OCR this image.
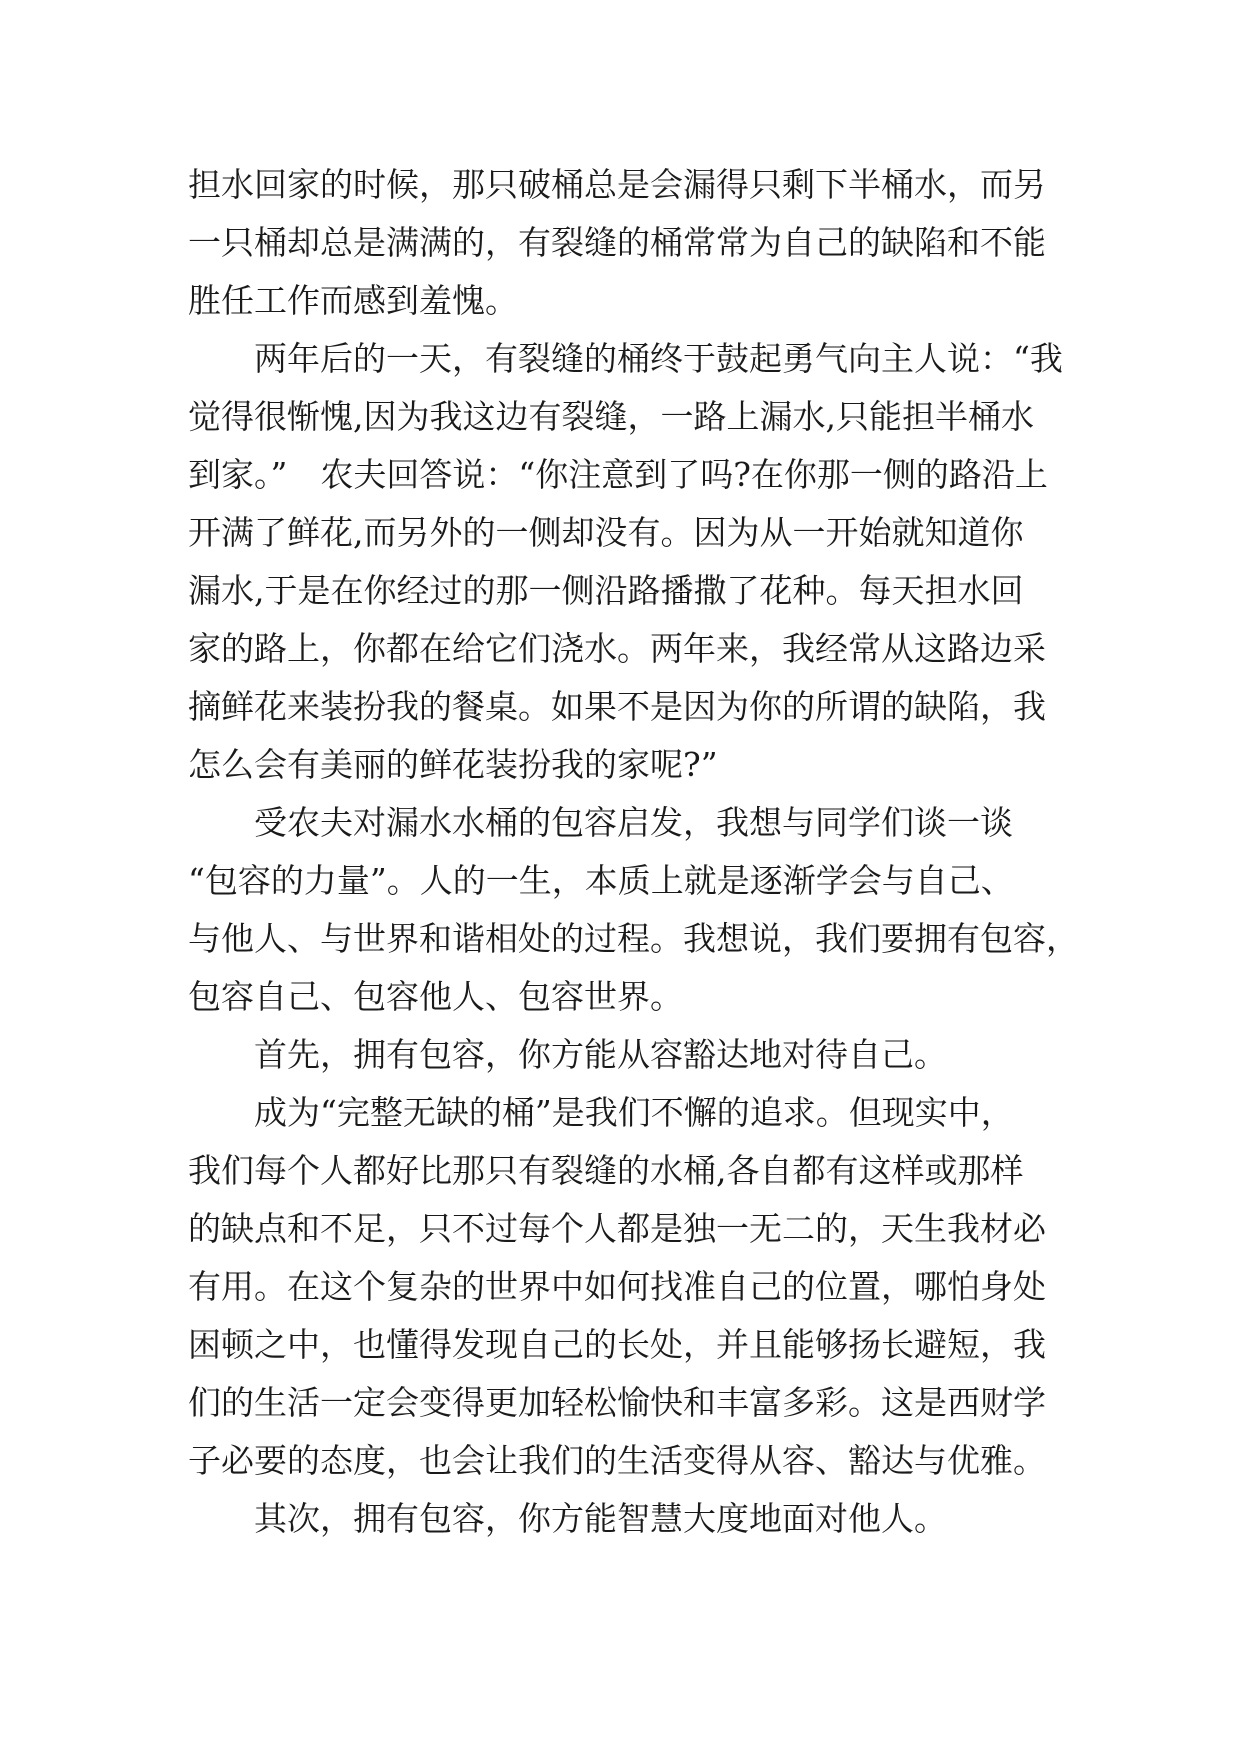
担水回家的时候，那只破桶总是会漏得只剩下半桶水，而另
一只桶却总是满满的，有裂缝的桶常常为自己的缺陷和不能
胜任工作而感到羞愧。
　　两年后的一天，有裂缝的桶终于鼓起勇气向主人说：“我
觉得很惭愧,因为我这边有裂缝，一路上漏水,只能担半桶水
到家。”　农夫回答说：“你注意到了吗?在你那一侧的路沿上
开满了鲜花,而另外的一侧却没有。因为从一开始就知道你
漏水,于是在你经过的那一侧沿路播撒了花种。每天担水回
家的路上，你都在给它们浇水。两年来，我经常从这路边采
摘鲜花来装扮我的餐桌。如果不是因为你的所谓的缺陷，我
怎么会有美丽的鲜花装扮我的家呢?”
　　受农夫对漏水水桶的包容启发，我想与同学们谈一谈
“包容的力量”。人的一生，本质上就是逐渐学会与自己、
与他人、与世界和谐相处的过程。我想说，我们要拥有包容，
包容自己、包容他人、包容世界。
　　首先，拥有包容，你方能从容豁达地对待自己。
　　成为“完整无缺的桶”是我们不懈的追求。但现实中，
我们每个人都好比那只有裂缝的水桶,各自都有这样或那样
的缺点和不足，只不过每个人都是独一无二的，天生我材必
有用。在这个复杂的世界中如何找准自己的位置，哪怕身处
困顿之中，也懂得发现自己的长处，并且能够扬长避短，我
们的生活一定会变得更加轻松愉快和丰富多彩。这是西财学
子必要的态度，也会让我们的生活变得从容、豁达与优雅。
　　其次，拥有包容，你方能智慧大度地面对他人。
